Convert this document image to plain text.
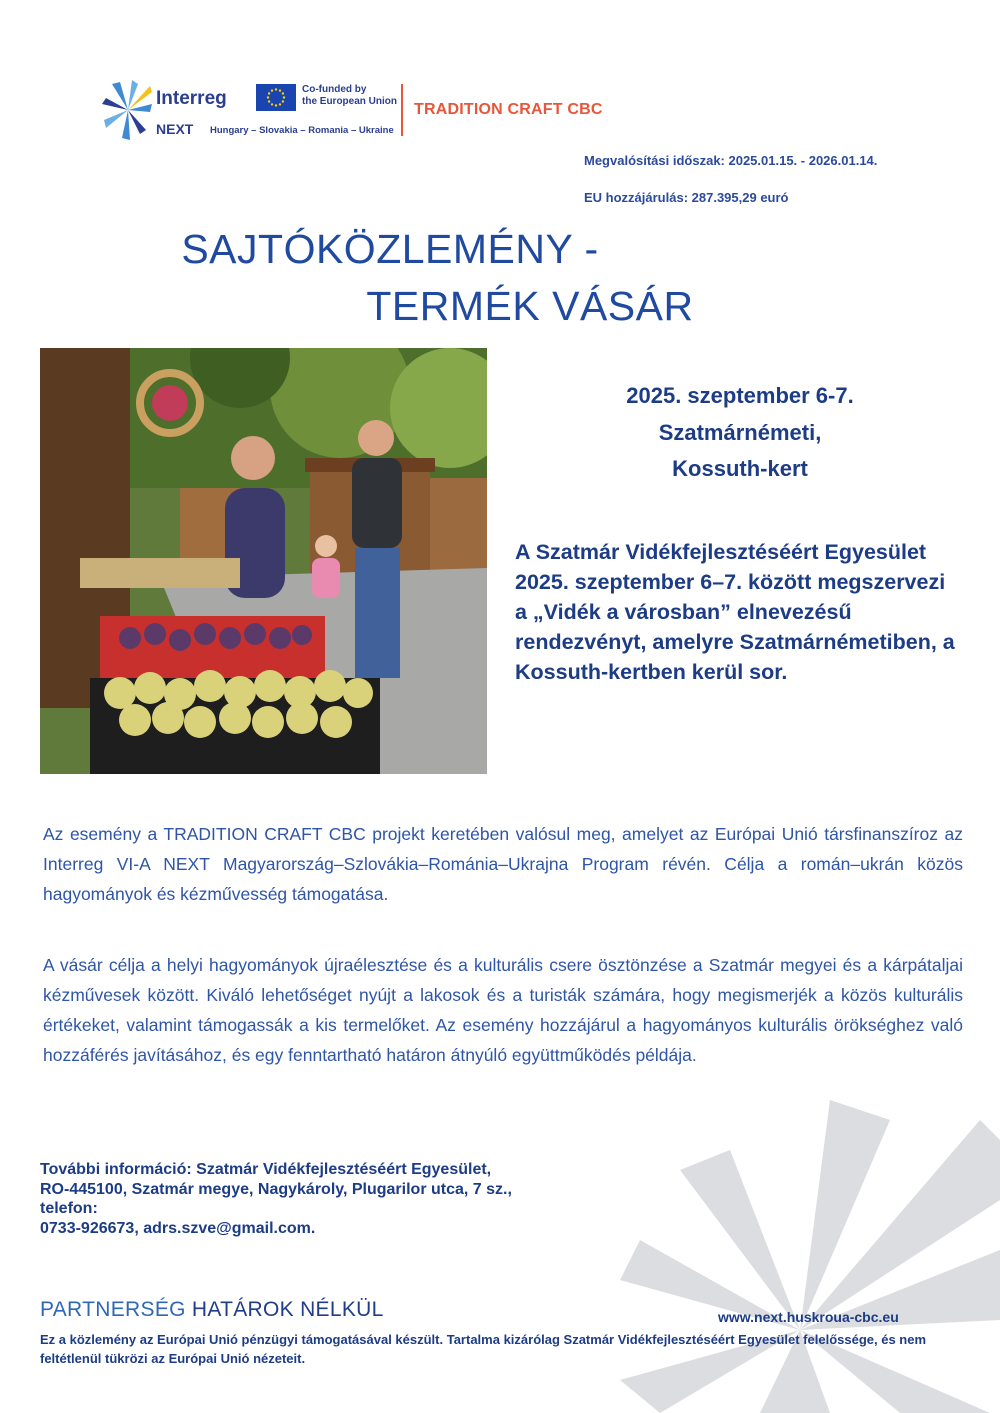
Interreg
NEXT Hungary – Slovakia – Romania – Ukraine
Co-funded by
the European Union	TRADITION CRAFT CBC
Megvalósítási időszak: 2025.01.15. - 2026.01.14.
EU hozzájárulás: 287.395,29 euró
SAJTÓKÖZLEMÉNY -
TERMÉK VÁSÁR
2025. szeptember 6-7.
Szatmárnémeti,
Kossuth-kert
A Szatmár Vidékfejlesztéséért Egyesület 2025. szeptember 6–7. között megszervezi a „Vidék a városban” elnevezésű rendezvényt, amelyre Szatmárnémetiben, a Kossuth-kertben kerül sor.
Az esemény a TRADITION CRAFT CBC projekt keretében valósul meg, amelyet az Európai Unió társfinanszíroz az Interreg VI-A NEXT Magyarország–Szlovákia–Románia–Ukrajna Program révén. Célja a román–ukrán közös hagyományok és kézművesség támogatása.
A vásár célja a helyi hagyományok újraélesztése és a kulturális csere ösztönzése a Szatmár megyei és a kárpátaljai kézművesek között. Kiváló lehetőséget nyújt a lakosok és a turisták számára, hogy megismerjék a közös kulturális értékeket, valamint támogassák a kis termelőket. Az esemény hozzájárul a hagyományos kulturális örökséghez való hozzáférés javításához, és egy fenntartható határon átnyúló együttműködés példája.
További információ: Szatmár Vidékfejlesztéséért Egyesület,
RO-445100, Szatmár megye, Nagykároly, Plugarilor utca, 7 sz.,
telefon:
0733-926673, adrs.szve@gmail.com.
PARTNERSÉG HATÁROK NÉLKÜL	www.next.huskroua-cbc.eu
Ez a közlemény az Európai Unió pénzügyi támogatásával készült. Tartalma kizárólag Szatmár Vidékfejlesztéséért Egyesület felelőssége, és nem feltétlenül tükrözi az Európai Unió nézeteit.
